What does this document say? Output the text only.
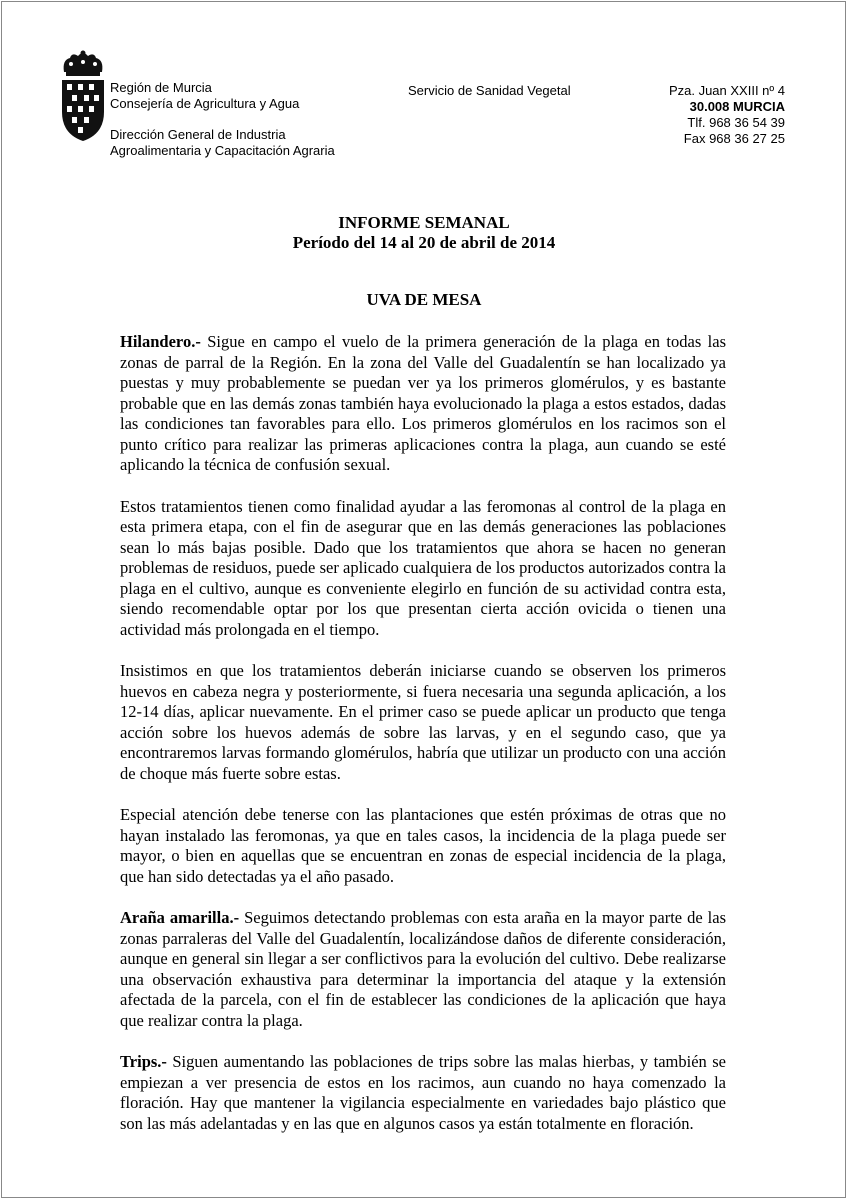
Región de Murcia
Consejería de Agricultura y Agua
Dirección General de Industria
Agroalimentaria y Capacitación Agraria
Servicio de Sanidad Vegetal	Pza. Juan XXIII nº 4
30.008 MURCIA
Tlf. 968 36 54 39
Fax 968 36 27 25

INFORME SEMANAL

Período del 14 al 20 de abril de 2014

UVA DE MESA

Hilandero.- Sigue en campo el vuelo de la primera generación de la plaga en todas las zonas de parral de la Región. En la zona del Valle del Guadalentín se han localizado ya puestas y muy probablemente se puedan ver ya los primeros glomérulos, y es bastante probable que en las demás zonas también haya evolucionado la plaga a estos estados, dadas las condiciones tan favorables para ello. Los primeros glomérulos en los racimos son el punto crítico para realizar las primeras aplicaciones contra la plaga, aun cuando se esté aplicando la técnica de confusión sexual.

Estos tratamientos tienen como finalidad ayudar a las feromonas al control de la plaga en esta primera etapa, con el fin de asegurar que en las demás generaciones las poblaciones sean lo más bajas posible. Dado que los tratamientos que ahora se hacen no generan problemas de residuos, puede ser aplicado cualquiera de los productos autorizados contra la plaga en el cultivo, aunque es conveniente elegirlo en función de su actividad contra esta, siendo recomendable optar por los que presentan cierta acción ovicida o tienen una actividad más prolongada en el tiempo.

Insistimos en que los tratamientos deberán iniciarse cuando se observen los primeros huevos en cabeza negra y posteriormente, si fuera necesaria una segunda aplicación, a los 12-14 días, aplicar nuevamente. En el primer caso se puede aplicar un producto que tenga acción sobre los huevos además de sobre las larvas, y en el segundo caso, que ya encontraremos larvas formando glomérulos, habría que utilizar un producto con una acción de choque más fuerte sobre estas.

Especial atención debe tenerse con las plantaciones que estén próximas de otras que no hayan instalado las feromonas, ya que en tales casos, la incidencia de la plaga puede ser mayor, o bien en aquellas que se encuentran en zonas de especial incidencia de la plaga, que han sido detectadas ya el año pasado.

Araña amarilla.- Seguimos detectando problemas con esta araña en la mayor parte de las zonas parraleras del Valle del Guadalentín, localizándose daños de diferente consideración, aunque en general sin llegar a ser conflictivos para la evolución del cultivo. Debe realizarse una observación exhaustiva para determinar la importancia del ataque y la extensión afectada de la parcela, con el fin de establecer las condiciones de la aplicación que haya que realizar contra la plaga.

Trips.- Siguen aumentando las poblaciones de trips sobre las malas hierbas, y también se empiezan a ver presencia de estos en los racimos, aun cuando no haya comenzado la floración. Hay que mantener la vigilancia especialmente en variedades bajo plástico que son las más adelantadas y en las que en algunos casos ya están totalmente en floración.
